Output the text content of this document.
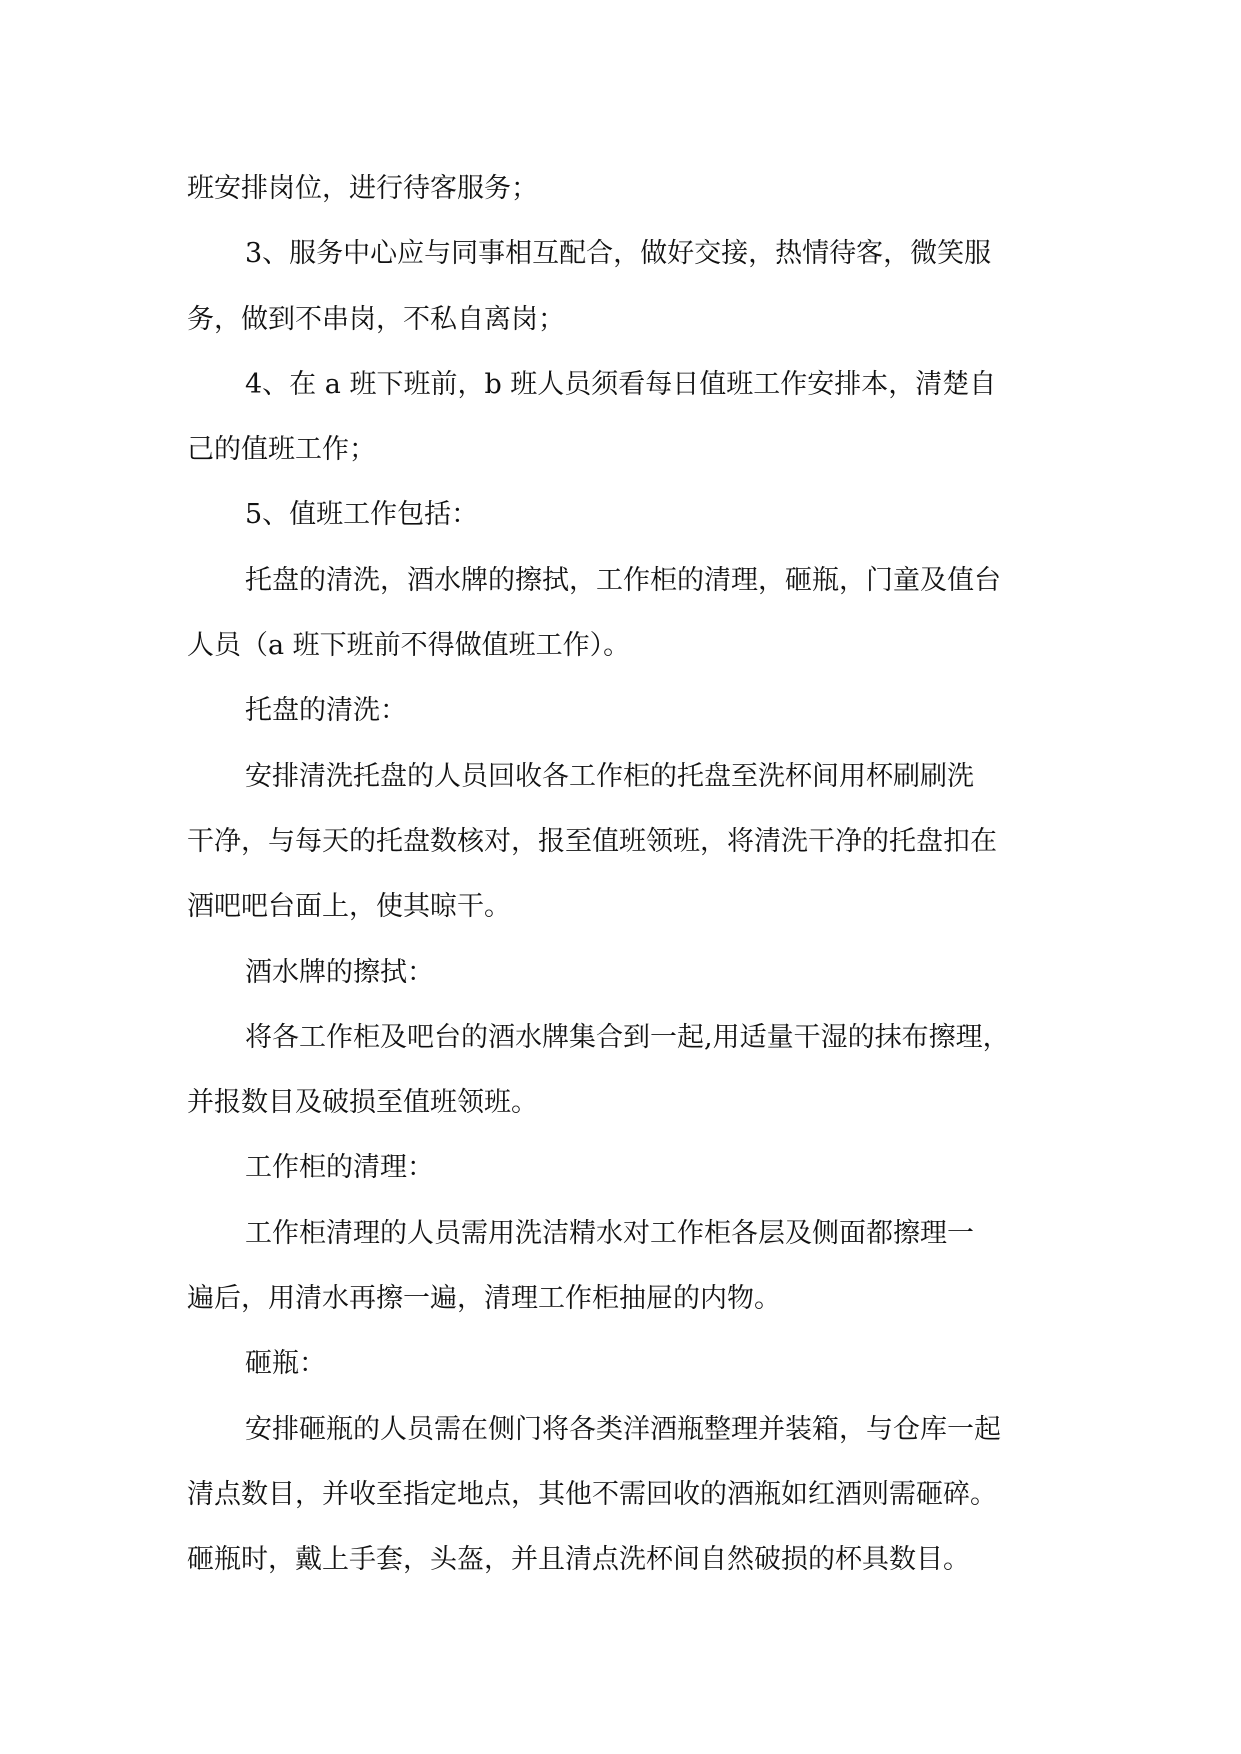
班安排岗位，进行待客服务；
3、服务中心应与同事相互配合，做好交接，热情待客，微笑服
务，做到不串岗，不私自离岗；
4、在 a 班下班前，b 班人员须看每日值班工作安排本，清楚自
己的值班工作；
5、值班工作包括：
托盘的清洗，酒水牌的擦拭，工作柜的清理，砸瓶，门童及值台
人员（a 班下班前不得做值班工作）。
托盘的清洗：
安排清洗托盘的人员回收各工作柜的托盘至洗杯间用杯刷刷洗
干净，与每天的托盘数核对，报至值班领班，将清洗干净的托盘扣在
酒吧吧台面上，使其晾干。
酒水牌的擦拭：
将各工作柜及吧台的酒水牌集合到一起,用适量干湿的抹布擦理，
并报数目及破损至值班领班。
工作柜的清理：
工作柜清理的人员需用洗洁精水对工作柜各层及侧面都擦理一
遍后，用清水再擦一遍，清理工作柜抽屉的内物。
砸瓶：
安排砸瓶的人员需在侧门将各类洋酒瓶整理并装箱，与仓库一起
清点数目，并收至指定地点，其他不需回收的酒瓶如红酒则需砸碎。
砸瓶时，戴上手套，头盔，并且清点洗杯间自然破损的杯具数目。
